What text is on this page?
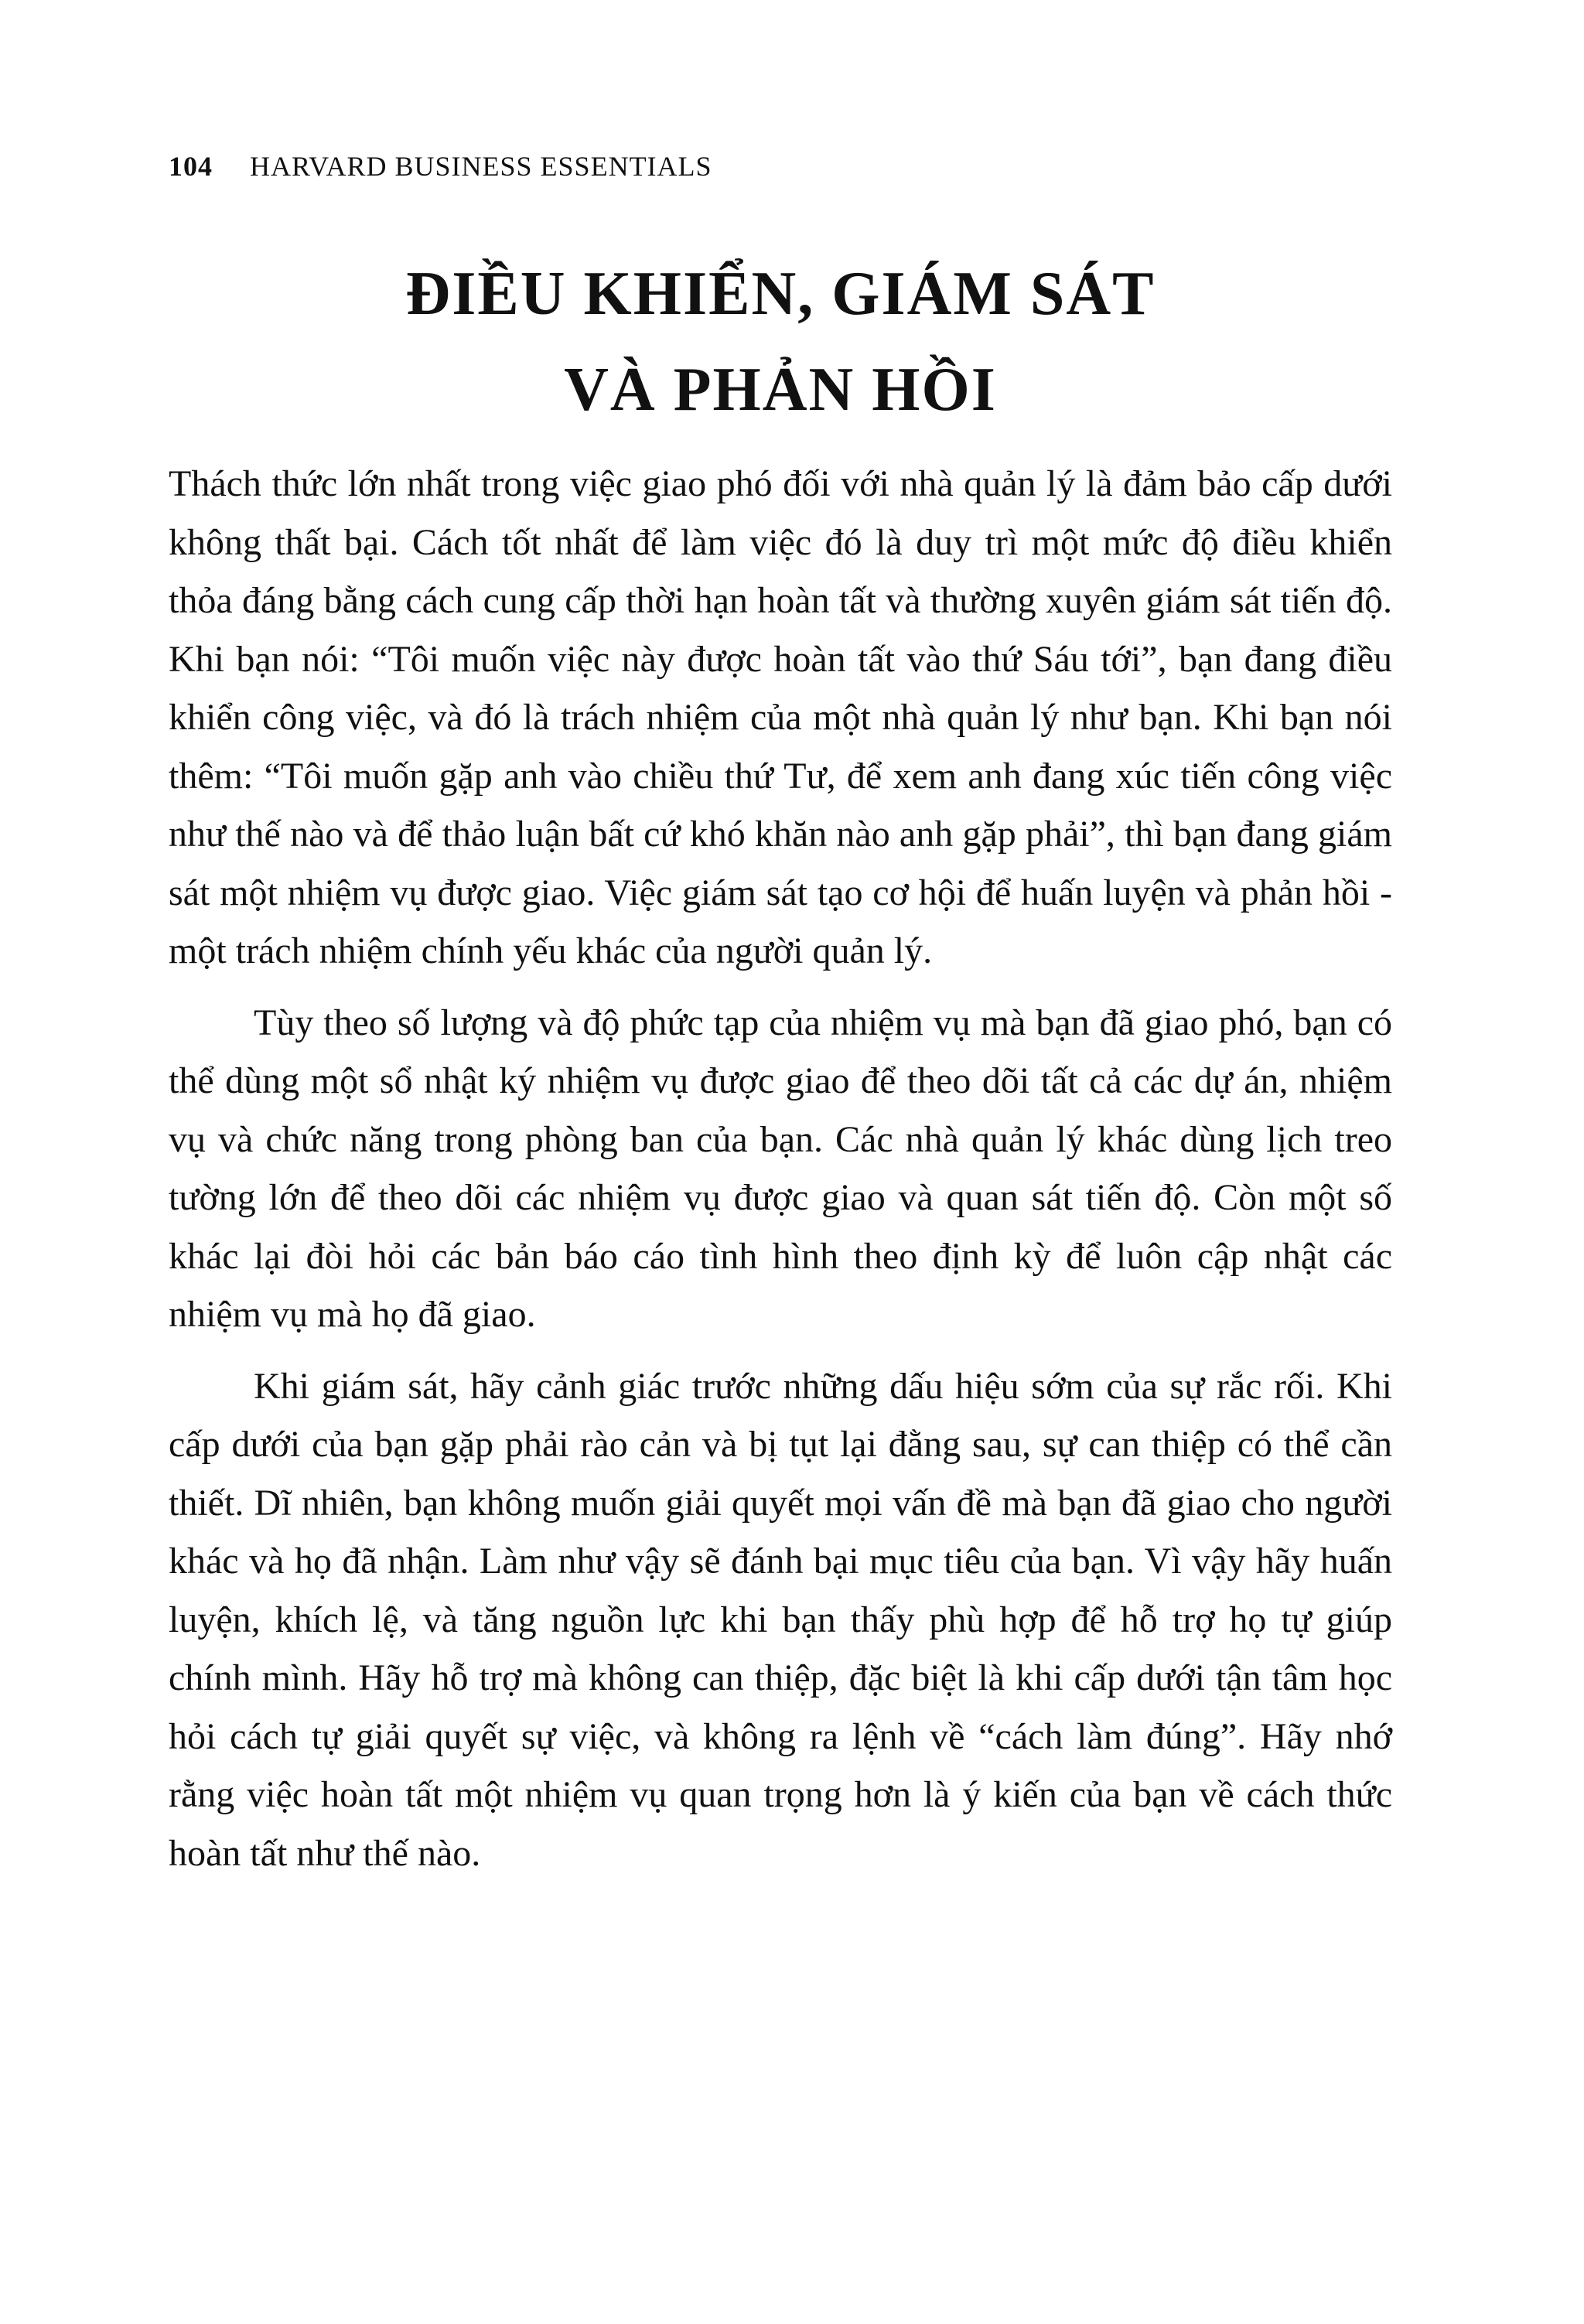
104 HARVARD BUSINESS ESSENTIALS
ĐIỀU KHIỂN, GIÁM SÁT
VÀ PHẢN HỒI

Thách thức lớn nhất trong việc giao phó đối với nhà quản lý là đảm bảo cấp dưới không thất bại. Cách tốt nhất để làm việc đó là duy trì một mức độ điều khiển thỏa đáng bằng cách cung cấp thời hạn hoàn tất và thường xuyên giám sát tiến độ. Khi bạn nói: “Tôi muốn việc này được hoàn tất vào thứ Sáu tới”, bạn đang điều khiển công việc, và đó là trách nhiệm của một nhà quản lý như bạn. Khi bạn nói thêm: “Tôi muốn gặp anh vào chiều thứ Tư, để xem anh đang xúc tiến công việc như thế nào và để thảo luận bất cứ khó khăn nào anh gặp phải”, thì bạn đang giám sát một nhiệm vụ được giao. Việc giám sát tạo cơ hội để huấn luyện và phản hồi - một trách nhiệm chính yếu khác của người quản lý.

Tùy theo số lượng và độ phức tạp của nhiệm vụ mà bạn đã giao phó, bạn có thể dùng một sổ nhật ký nhiệm vụ được giao để theo dõi tất cả các dự án, nhiệm vụ và chức năng trong phòng ban của bạn. Các nhà quản lý khác dùng lịch treo tường lớn để theo dõi các nhiệm vụ được giao và quan sát tiến độ. Còn một số khác lại đòi hỏi các bản báo cáo tình hình theo định kỳ để luôn cập nhật các nhiệm vụ mà họ đã giao.

Khi giám sát, hãy cảnh giác trước những dấu hiệu sớm của sự rắc rối. Khi cấp dưới của bạn gặp phải rào cản và bị tụt lại đằng sau, sự can thiệp có thể cần thiết. Dĩ nhiên, bạn không muốn giải quyết mọi vấn đề mà bạn đã giao cho người khác và họ đã nhận. Làm như vậy sẽ đánh bại mục tiêu của bạn. Vì vậy hãy huấn luyện, khích lệ, và tăng nguồn lực khi bạn thấy phù hợp để hỗ trợ họ tự giúp chính mình. Hãy hỗ trợ mà không can thiệp, đặc biệt là khi cấp dưới tận tâm học hỏi cách tự giải quyết sự việc, và không ra lệnh về “cách làm đúng”. Hãy nhớ rằng việc hoàn tất một nhiệm vụ quan trọng hơn là ý kiến của bạn về cách thức hoàn tất như thế nào.
